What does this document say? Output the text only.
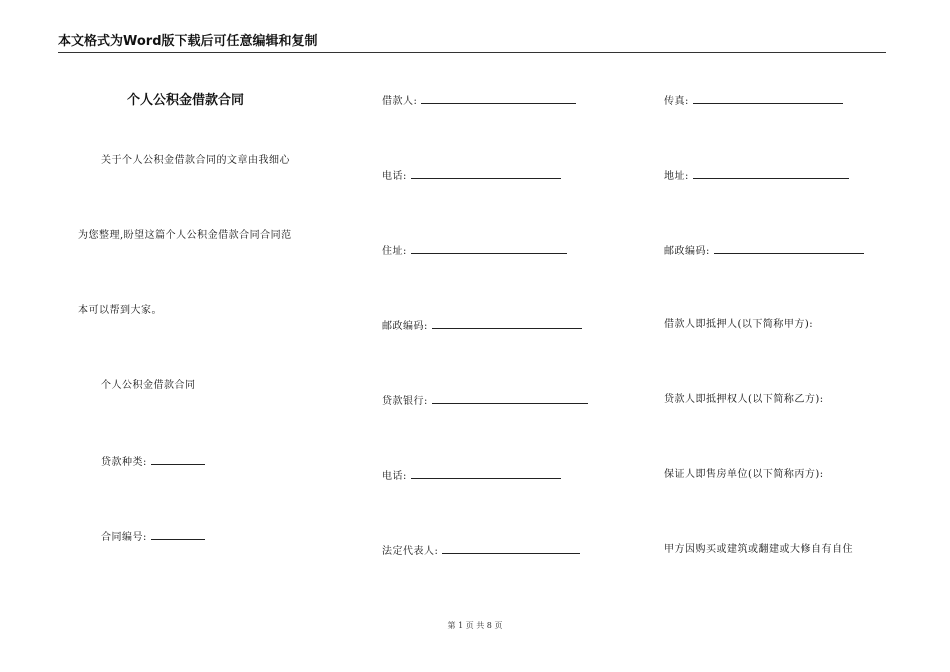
本文格式为Word版下载后可任意编辑和复制
个人公积金借款合同
关于个人公积金借款合同的文章由我细心
为您整理,盼望这篇个人公积金借款合同合同范
本可以帮到大家。
个人公积金借款合同
贷款种类:
合同编号:
借款人:
电话:
住址:
邮政编码:
贷款银行:
电话:
法定代表人:
传真:
地址:
邮政编码:
借款人即抵押人(以下简称甲方):
贷款人即抵押权人(以下简称乙方):
保证人即售房单位(以下简称丙方):
甲方因购买或建筑或翻建或大修自有自住
第 1 页 共 8 页
